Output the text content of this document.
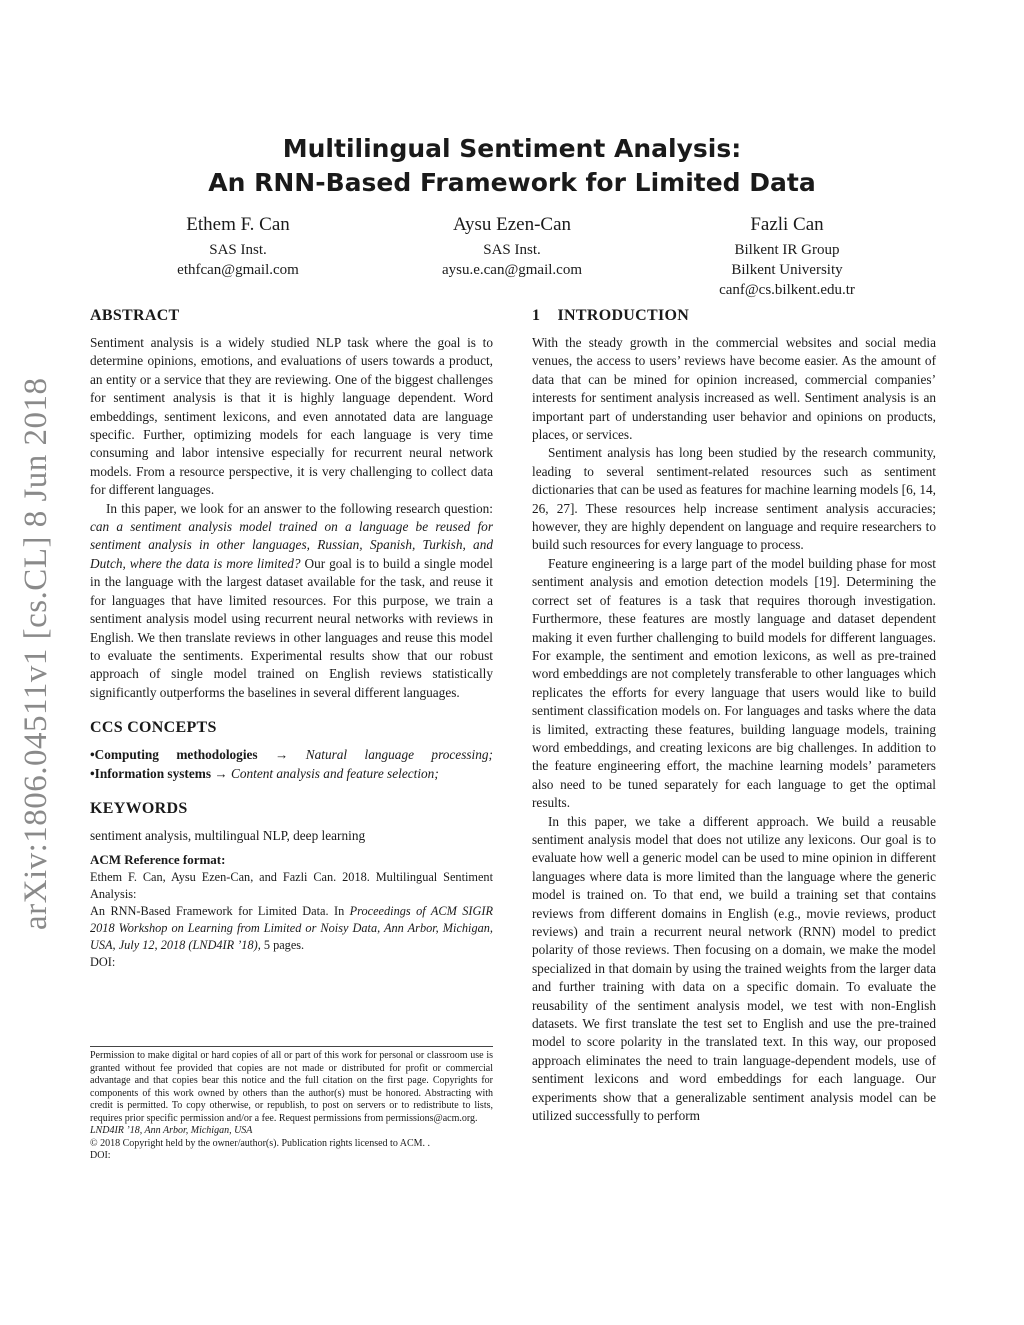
arXiv:1806.04511v1 [cs.CL] 8 Jun 2018
Multilingual Sentiment Analysis:
An RNN-Based Framework for Limited Data
Ethem F. Can
SAS Inst.
ethfcan@gmail.com
Aysu Ezen-Can
SAS Inst.
aysu.e.can@gmail.com
Fazli Can
Bilkent IR Group
Bilkent University
canf@cs.bilkent.edu.tr
ABSTRACT

Sentiment analysis is a widely studied NLP task where the goal is to determine opinions, emotions, and evaluations of users towards a product, an entity or a service that they are reviewing. One of the biggest challenges for sentiment analysis is that it is highly language dependent. Word embeddings, sentiment lexicons, and even annotated data are language specific. Further, optimizing models for each language is very time consuming and labor intensive especially for recurrent neural network models. From a resource perspective, it is very challenging to collect data for different languages.

In this paper, we look for an answer to the following research question: can a sentiment analysis model trained on a language be reused for sentiment analysis in other languages, Russian, Spanish, Turkish, and Dutch, where the data is more limited? Our goal is to build a single model in the language with the largest dataset available for the task, and reuse it for languages that have limited resources. For this purpose, we train a sentiment analysis model using recurrent neural networks with reviews in English. We then translate reviews in other languages and reuse this model to evaluate the sentiments. Experimental results show that our robust approach of single model trained on English reviews statistically significantly outperforms the baselines in several different languages.

CCS CONCEPTS

•Computing methodologies → Natural language processing; •Information systems → Content analysis and feature selection;

KEYWORDS

sentiment analysis, multilingual NLP, deep learning

ACM Reference format:

Ethem F. Can, Aysu Ezen-Can, and Fazli Can. 2018. Multilingual Sentiment Analysis:

An RNN-Based Framework for Limited Data. In Proceedings of ACM SIGIR 2018 Workshop on Learning from Limited or Noisy Data, Ann Arbor, Michigan, USA, July 12, 2018 (LND4IR ’18), 5 pages.

DOI:

Permission to make digital or hard copies of all or part of this work for personal or classroom use is granted without fee provided that copies are not made or distributed for profit or commercial advantage and that copies bear this notice and the full citation on the first page. Copyrights for components of this work owned by others than the author(s) must be honored. Abstracting with credit is permitted. To copy otherwise, or republish, to post on servers or to redistribute to lists, requires prior specific permission and/or a fee. Request permissions from permissions@acm.org.

LND4IR ’18, Ann Arbor, Michigan, USA

© 2018 Copyright held by the owner/author(s). Publication rights licensed to ACM. .

DOI:

1    INTRODUCTION

With the steady growth in the commercial websites and social media venues, the access to users’ reviews have become easier. As the amount of data that can be mined for opinion increased, commercial companies’ interests for sentiment analysis increased as well. Sentiment analysis is an important part of understanding user behavior and opinions on products, places, or services.

Sentiment analysis has long been studied by the research community, leading to several sentiment-related resources such as sentiment dictionaries that can be used as features for machine learning models [6, 14, 26, 27]. These resources help increase sentiment analysis accuracies; however, they are highly dependent on language and require researchers to build such resources for every language to process.

Feature engineering is a large part of the model building phase for most sentiment analysis and emotion detection models [19]. Determining the correct set of features is a task that requires thorough investigation. Furthermore, these features are mostly language and dataset dependent making it even further challenging to build models for different languages. For example, the sentiment and emotion lexicons, as well as pre-trained word embeddings are not completely transferable to other languages which replicates the efforts for every language that users would like to build sentiment classification models on. For languages and tasks where the data is limited, extracting these features, building language models, training word embeddings, and creating lexicons are big challenges. In addition to the feature engineering effort, the machine learning models’ parameters also need to be tuned separately for each language to get the optimal results.

In this paper, we take a different approach. We build a reusable sentiment analysis model that does not utilize any lexicons. Our goal is to evaluate how well a generic model can be used to mine opinion in different languages where data is more limited than the language where the generic model is trained on. To that end, we build a training set that contains reviews from different domains in English (e.g., movie reviews, product reviews) and train a recurrent neural network (RNN) model to predict polarity of those reviews. Then focusing on a domain, we make the model specialized in that domain by using the trained weights from the larger data and further training with data on a specific domain. To evaluate the reusability of the sentiment analysis model, we test with non-English datasets. We first translate the test set to English and use the pre-trained model to score polarity in the translated text. In this way, our proposed approach eliminates the need to train language-dependent models, use of sentiment lexicons and word embeddings for each language. Our experiments show that a generalizable sentiment analysis model can be utilized successfully to perform
